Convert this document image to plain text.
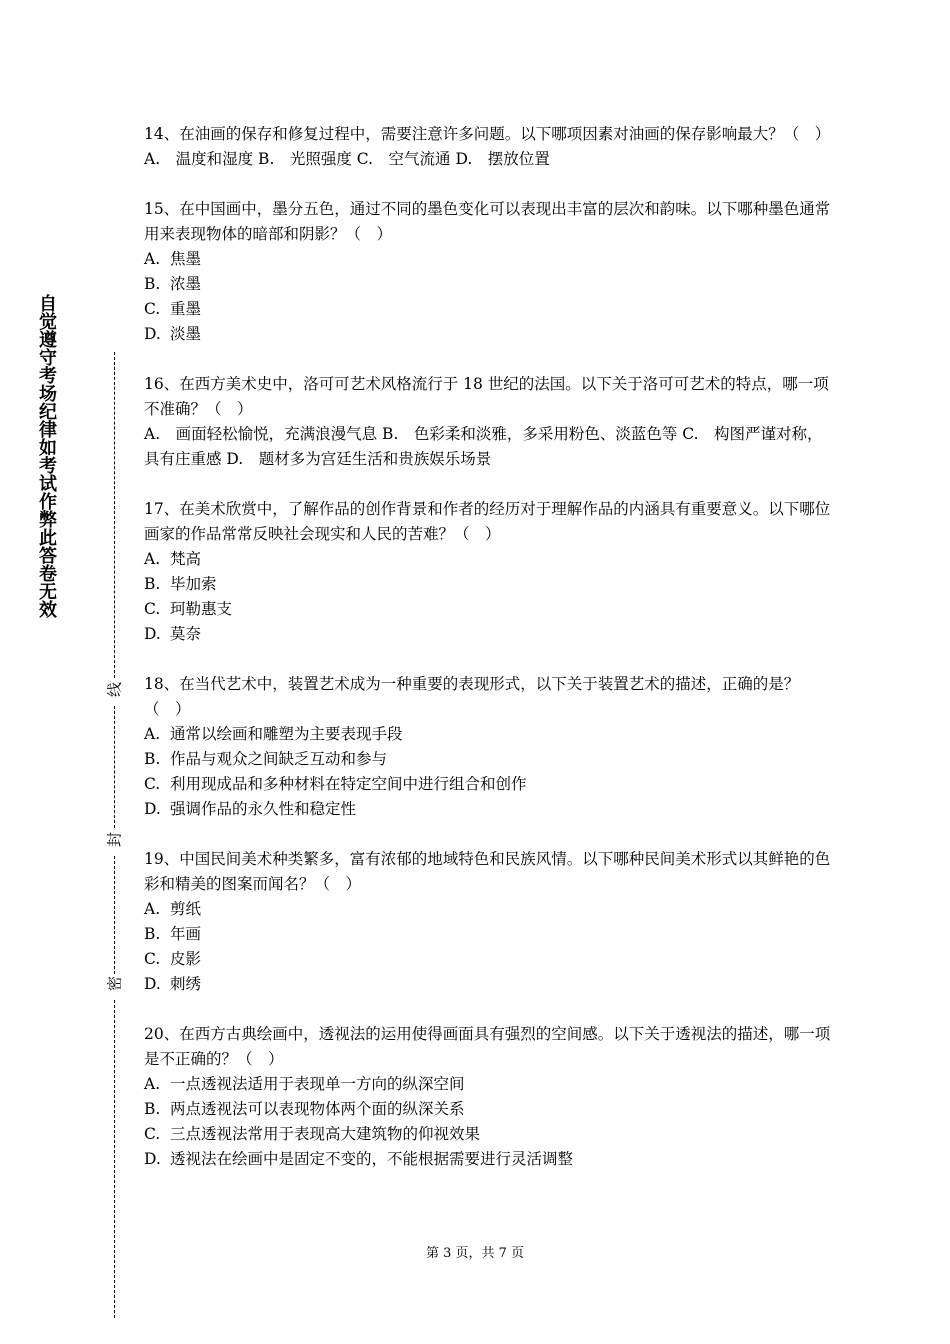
自觉遵守考场纪律如考试作弊此答卷无效
线
封
密

14、在油画的保存和修复过程中，需要注意许多问题。以下哪项因素对油画的保存影响最大？（　）

A.　温度和湿度 B.　光照强度 C.　空气流通 D.　摆放位置

15、在中国画中，墨分五色，通过不同的墨色变化可以表现出丰富的层次和韵味。以下哪种墨色通常用来表现物体的暗部和阴影？（　）

A. 焦墨

B. 浓墨

C. 重墨

D. 淡墨

16、在西方美术史中，洛可可艺术风格流行于 18 世纪的法国。以下关于洛可可艺术的特点，哪一项不准确？（　）

A.　画面轻松愉悦，充满浪漫气息 B.　色彩柔和淡雅，多采用粉色、淡蓝色等 C.　构图严谨对称，具有庄重感 D.　题材多为宫廷生活和贵族娱乐场景

17、在美术欣赏中，了解作品的创作背景和作者的经历对于理解作品的内涵具有重要意义。以下哪位画家的作品常常反映社会现实和人民的苦难？（　）

A. 梵高

B. 毕加索

C. 珂勒惠支

D. 莫奈

18、在当代艺术中，装置艺术成为一种重要的表现形式，以下关于装置艺术的描述，正确的是？（　）

A. 通常以绘画和雕塑为主要表现手段

B. 作品与观众之间缺乏互动和参与

C. 利用现成品和多种材料在特定空间中进行组合和创作

D. 强调作品的永久性和稳定性

19、中国民间美术种类繁多，富有浓郁的地域特色和民族风情。以下哪种民间美术形式以其鲜艳的色彩和精美的图案而闻名？（　）

A. 剪纸

B. 年画

C. 皮影

D. 刺绣

20、在西方古典绘画中，透视法的运用使得画面具有强烈的空间感。以下关于透视法的描述，哪一项是不正确的？（　）

A. 一点透视法适用于表现单一方向的纵深空间

B. 两点透视法可以表现物体两个面的纵深关系

C. 三点透视法常用于表现高大建筑物的仰视效果

D. 透视法在绘画中是固定不变的，不能根据需要进行灵活调整

第 3 页，共 7 页
